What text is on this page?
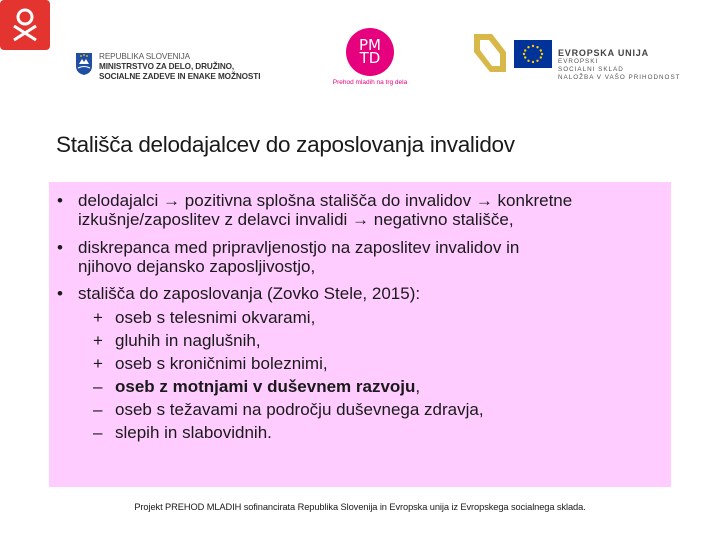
REPUBLIKA SLOVENIJA
MINISTRSTVO ZA DELO, DRUŽINO,
SOCIALNE ZADEVE IN ENAKE MOŽNOSTI
PM
TD
Prehod mladih na trg dela
EVROPSKA UNIJA
EVROPSKI
SOCIALNI SKLAD
NALOŽBA V VAŠO PRIHODNOST
Stališča delodajalcev do zaposlovanja invalidov
• delodajalci → pozitivna splošna stališča do invalidov → konkretne
izkušnje/zaposlitev z delavci invalidi → negativno stališče,
• diskrepanca med pripravljenostjo na zaposlitev invalidov in
njihovo dejansko zaposljivostjo,
• stališča do zaposlovanja (Zovko Stele, 2015):
+ oseb s telesnimi okvarami,
+ gluhih in naglušnih,
+ oseb s kroničnimi boleznimi,
– oseb z motnjami v duševnem razvoju,
– oseb s težavami na področju duševnega zdravja,
– slepih in slabovidnih.
Projekt PREHOD MLADIH sofinancirata Republika Slovenija in Evropska unija iz Evropskega socialnega sklada.
